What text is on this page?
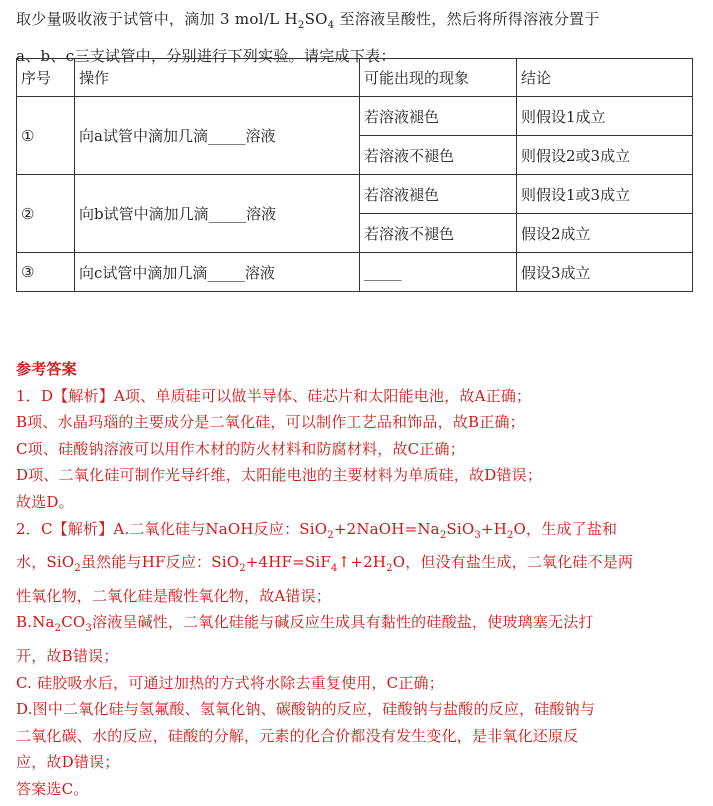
取少量吸收液于试管中，滴加 3 mol/L $H_2SO_4$ 至溶液呈酸性，然后将所得溶液分置于
a、b、c三支试管中，分别进行下列实验。请完成下表：
序号	操作	可能出现的现象	结论
①	向a试管中滴加几滴_____溶液	若溶液褪色	则假设1成立
		若溶液不褪色	则假设2或3成立
②	向b试管中滴加几滴_____溶液	若溶液褪色	则假设1或3成立
		若溶液不褪色	假设2成立
③	向c试管中滴加几滴_____溶液	_____	假设3成立

参考答案

1．D【解析】A项、单质硅可以做半导体、硅芯片和太阳能电池，故A正确；

B项、水晶玛瑙的主要成分是二氧化硅，可以制作工艺品和饰品，故B正确；

C项、硅酸钠溶液可以用作木材的防火材料和防腐材料，故C正确；

D项、二氧化硅可制作光导纤维，太阳能电池的主要材料为单质硅，故D错误；

故选D。

2．C【解析】A.二氧化硅与NaOH反应：$SiO_2+2NaOH=Na_2SiO_3+H_2O$，生成了盐和

水，SiO$_2$虽然能与HF反应：$SiO_2+4HF=SiF_4↑+2H_2O$，但没有盐生成，二氧化硅不是两

性氧化物，二氧化硅是酸性氧化物，故A错误；

$B.Na_2CO_3$溶液呈碱性，二氧化硅能与碱反应生成具有黏性的硅酸盐，使玻璃塞无法打

开，故B错误；

C. 硅胶吸水后，可通过加热的方式将水除去重复使用，C正确；

D.图中二氧化硅与氢氟酸、氢氧化钠、碳酸钠的反应，硅酸钠与盐酸的反应，硅酸钠与

二氧化碳、水的反应，硅酸的分解，元素的化合价都没有发生变化，是非氧化还原反

应，故D错误；

答案选C。
